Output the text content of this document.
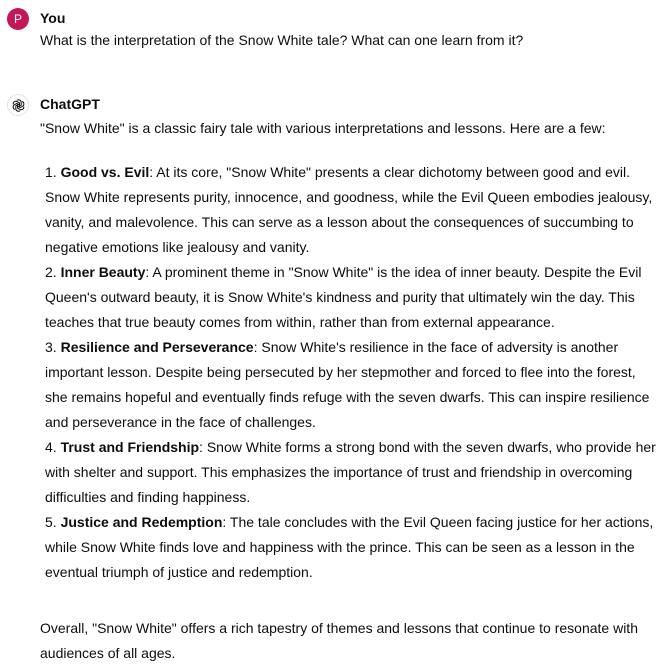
P	You
What is the interpretation of the Snow White tale? What can one learn from it?
ChatGPT
"Snow White" is a classic fairy tale with various interpretations and lessons. Here are a few:
1. Good vs. Evil: At its core, "Snow White" presents a clear dichotomy between good and evil. Snow White represents purity, innocence, and goodness, while the Evil Queen embodies jealousy, vanity, and malevolence. This can serve as a lesson about the consequences of succumbing to negative emotions like jealousy and vanity.
2. Inner Beauty: A prominent theme in "Snow White" is the idea of inner beauty. Despite the Evil Queen's outward beauty, it is Snow White's kindness and purity that ultimately win the day. This teaches that true beauty comes from within, rather than from external appearance.
3. Resilience and Perseverance: Snow White's resilience in the face of adversity is another important lesson. Despite being persecuted by her stepmother and forced to flee into the forest, she remains hopeful and eventually finds refuge with the seven dwarfs. This can inspire resilience and perseverance in the face of challenges.
4. Trust and Friendship: Snow White forms a strong bond with the seven dwarfs, who provide her with shelter and support. This emphasizes the importance of trust and friendship in overcoming difficulties and finding happiness.
5. Justice and Redemption: The tale concludes with the Evil Queen facing justice for her actions, while Snow White finds love and happiness with the prince. This can be seen as a lesson in the eventual triumph of justice and redemption.
Overall, "Snow White" offers a rich tapestry of themes and lessons that continue to resonate with audiences of all ages.
